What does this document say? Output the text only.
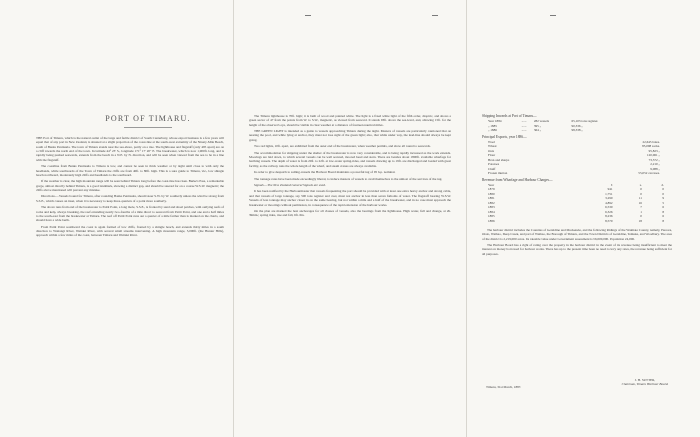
PORT OF TIMARU.

THE Port of Timaru, which is the natural outlet of the large and fertile district of South Canterbury, whose export business is a few years will equal that of any port in New Zealand, is situated at a slight projection of the coast-line at the south-west extremity of the Ninety-Mile Beach, south of Banks Peninsula. The town of Timaru stands near the sea-shore, partly on a rise. The lighthouse and flagstaff (only 495 apart) are on a cliff towards the north end of the town. In latitude 44° 23' S., longitude 171° 17' 20" E. The breakwater, which is now 1,900ft. long, and is rapidly being pushed seawards, extends from the beach in a N.E. by N. direction, and will be seen when viewed from the sea to be in a line with the flagstaff.

The coastline from Banks Peninsula to Timaru is low, and cannot be seen in thick weather or by night until close to with only the headlands, while southwards of the Town of Timaru the cliffs are from 40ft. to 80ft. high. This is a sure guide to Timaru, viz., low shingle beach northward, moderately high cliffs and headlands to the southward.

If the weather is clear, the high mountain range will be seen behind Timaru long before the coast-line has risen. Burke's Pass, a remarkable gorge, almost directly behind Timaru, is a good landmark, showing a distinct gap, and should be steered for on a course W.S.W. magnetic; the cliffs above mentioned will prevent any mistake.

Directions.—Vessels bound for Timaru, after rounding Banks Peninsula, should steer S.W. by W. southerly unless the wind be strong from S.S.E., which causes an inset, when it is necessary to keep three-quarters of a point more southerly.

The above runs from end of the breakwater to Pattit Point, a long mole, S.S.E., is fronted by sand and shoal patches, with outlying reefs of rocks and kelp, always breaking, the reef extending nearly two-fourths of a mile direct to seaward from Pattit Point, and one and a half miles to the south-east from the breakwater at Timaru. The reef off Pattit Point runs out a quarter of a mile farther than is marked on the charts, and should have a wide berth.

From Pattit Point southward the coast is again formed of low cliffs, fronted by a shingle beach, and extends thirty miles in a south direction to Waitangi River, Waitaki River, with several small streams intervening. A high mountain range, 5,000ft. (the Hunter Hills), approach within a few miles of the coast, between Timaru and Waitaki River.

The Timaru lighthouse is 70ft. high; it is built of wood and painted white. The light is a fixed white light of the fifth order, dioptric, and shows a green sector of 47 from the points from W. to S.W., magnetic, as viewed from seaward. It stands 93ft. above the sea-level, and, allowing 15ft. for the height of the observer's eye, should be visible in clear weather at a distance of fourteen nautical miles.

THE GREEN LIGHT is intended as a guide to vessels approaching Timaru during the night. Masters of vessels are particularly cautioned that on nearing the pool, and while lying at anchor, they must not lose sight of the green light; also, that while under way, the lead-line should always be kept going.

Two red lights, 10ft. apart, are exhibited from the outer end of the breakwater, when weather permits, and show all round to seawards.

The accommodation for shipping under the shelter of the breakwater is now very considerable, and is being rapidly increased as the work extends. Moorings are laid down, to which several vessels can be well secured, moored head and stern. There are besides about 1800ft. available wharfage for berthing vessels. The depth of water is from 20ft. to 22ft. at low-water spring-tides, and vessels drawing up to 19ft. are discharged and loaded with great facility, as the railway runs the whole length of the wharf, and steam cranes are always available.

In order to give despatch to sailing-vessels the Harbour Board maintains a powerful tug of 95 h.p. nominal.

The tonnage rates have been made exceedingly liberal, to induce masters of vessels to avail themselves to the utmost of the services of the tug.

Signals.—The New Zealand General Signals are used.

It has been notified by the Harbourmaster that vessels frequenting the port should be provided with at least one extra heavy anchor and strong cable, and that vessels of large tonnage, say 500 tons register and over, must not anchor in less than seven fathoms of water. The flagstaff bearing W.S.W. Vessels of less tonnage may anchor closer in on the same bearing, but not within a mile and a half of the breakwater, and in no case must approach the breakwater or moorings without permission, in consequence of the rapid extension of the harbour works.

On the plan are marked the best anchorages for all classes of vessels, also the bearings from the lighthouse. High water, full and change, at 2h. 39min.; spring tides, rise and fall, 6ft. 6in.

Shipping Inwards at Port of Timaru—
Year 1884	......	282 vessels	65,103 tons register.
„ 1885	......	395 „	90,336 „
„ 1886	......	364 „	98,338 „
Principal Exports, year 1886—
Wool	22,645 bales.
Wheat	85,098 sacks.
Oats	95,823 „
Flour	120,061 „
Bran and sharps	73,572 „
Potatoes	2,210 „
Chaff	9,088 „
Frozen mutton	55,052 carcases.
Revenue from Wharfage and Harbour Charges—
Year	£	s.	d.
1879	941	0	0
1880	1,751	0	0
1881	3,290	11	9
1882	4,892	16	5
1883	6,530	7	6
1884	6,326	1	8
1885	8,236	0	6
1886	8,570	18	8

The harbour district includes the Counties of Geraldine and Mackenzie, and the following Ridings of the Waimate County, namely, Pareora, Otaio, Waihao, Deep Creek, and part of Waihao, the Borough of Timaru, and the Town Districts of Geraldine, Temuka, and Woodbury. The area of the district is 2,219,000 acres. Its rateable value under Government assessment is £6,000,000. Population 24,006.

The Harbour Board has a right of rating over the property in the harbour district in the event of its revenue being insufficient to meet the interest on money borrowed for harbour works. There has up to the present time been no need to levy any rates, the revenue being sufficient for all purposes.

Timaru, 31st March, 1887.
J. H. SUTTER,
Chairman, Timaru Harbour Board.
